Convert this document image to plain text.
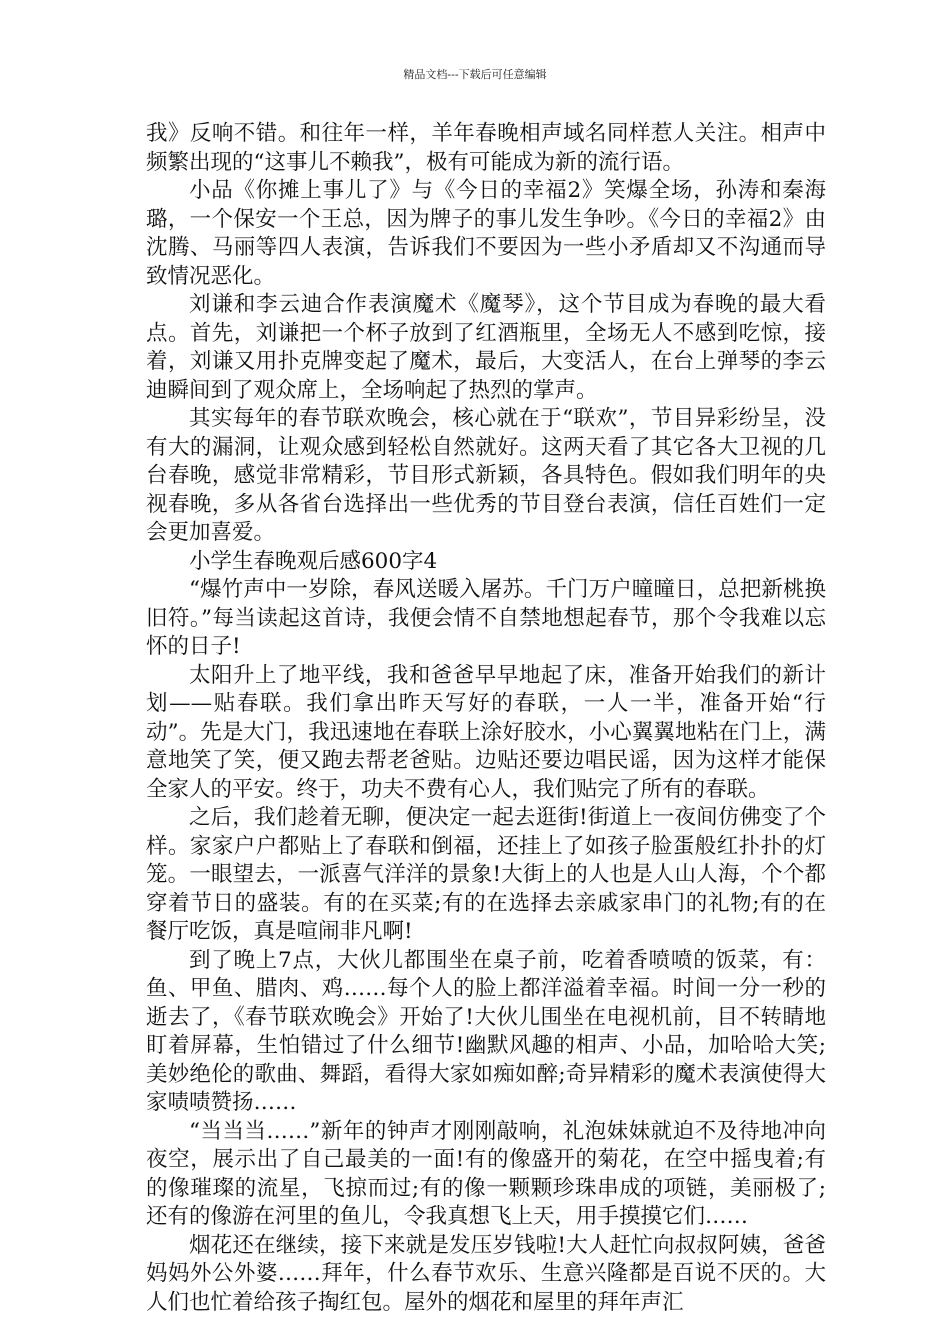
精品文档---下载后可任意编辑

我》反响不错。和往年一样，羊年春晚相声域名同样惹人关注。相声中频繁出现的“这事儿不赖我”，极有可能成为新的流行语。

小品《你摊上事儿了》与《今日的幸福2》笑爆全场，孙涛和秦海璐，一个保安一个王总，因为牌子的事儿发生争吵。《今日的幸福2》由沈腾、马丽等四人表演，告诉我们不要因为一些小矛盾却又不沟通而导致情况恶化。

刘谦和李云迪合作表演魔术《魔琴》，这个节目成为春晚的最大看点。首先，刘谦把一个杯子放到了红酒瓶里，全场无人不感到吃惊，接着，刘谦又用扑克牌变起了魔术，最后，大变活人，在台上弹琴的李云迪瞬间到了观众席上，全场响起了热烈的掌声。

其实每年的春节联欢晚会，核心就在于“联欢”，节目异彩纷呈，没有大的漏洞，让观众感到轻松自然就好。这两天看了其它各大卫视的几台春晚，感觉非常精彩，节目形式新颖，各具特色。假如我们明年的央视春晚，多从各省台选择出一些优秀的节目登台表演，信任百姓们一定会更加喜爱。

小学生春晚观后感600字4

“爆竹声中一岁除，春风送暖入屠苏。千门万户曈曈日，总把新桃换旧符。”每当读起这首诗，我便会情不自禁地想起春节，那个令我难以忘怀的日子!

太阳升上了地平线，我和爸爸早早地起了床，准备开始我们的新计划——贴春联。我们拿出昨天写好的春联，一人一半，准备开始“行动”。先是大门，我迅速地在春联上涂好胶水，小心翼翼地粘在门上，满意地笑了笑，便又跑去帮老爸贴。边贴还要边唱民谣，因为这样才能保全家人的平安。终于，功夫不费有心人，我们贴完了所有的春联。

之后，我们趁着无聊，便决定一起去逛街!街道上一夜间仿佛变了个样。家家户户都贴上了春联和倒福，还挂上了如孩子脸蛋般红扑扑的灯笼。一眼望去，一派喜气洋洋的景象!大街上的人也是人山人海，个个都穿着节日的盛装。有的在买菜;有的在选择去亲戚家串门的礼物;有的在餐厅吃饭，真是喧闹非凡啊!

到了晚上7点，大伙儿都围坐在桌子前，吃着香喷喷的饭菜，有：鱼、甲鱼、腊肉、鸡……每个人的脸上都洋溢着幸福。时间一分一秒的逝去了，《春节联欢晚会》开始了!大伙儿围坐在电视机前，目不转睛地盯着屏幕，生怕错过了什么细节!幽默风趣的相声、小品，加哈哈大笑;美妙绝伦的歌曲、舞蹈，看得大家如痴如醉;奇异精彩的魔术表演使得大家啧啧赞扬……

“当当当……”新年的钟声才刚刚敲响，礼泡妹妹就迫不及待地冲向夜空，展示出了自己最美的一面!有的像盛开的菊花，在空中摇曳着;有的像璀璨的流星，飞掠而过;有的像一颗颗珍珠串成的项链，美丽极了;还有的像游在河里的鱼儿，令我真想飞上天，用手摸摸它们……

烟花还在继续，接下来就是发压岁钱啦!大人赶忙向叔叔阿姨，爸爸妈妈外公外婆……拜年，什么春节欢乐、生意兴隆都是百说不厌的。大人们也忙着给孩子掏红包。屋外的烟花和屋里的拜年声汇
